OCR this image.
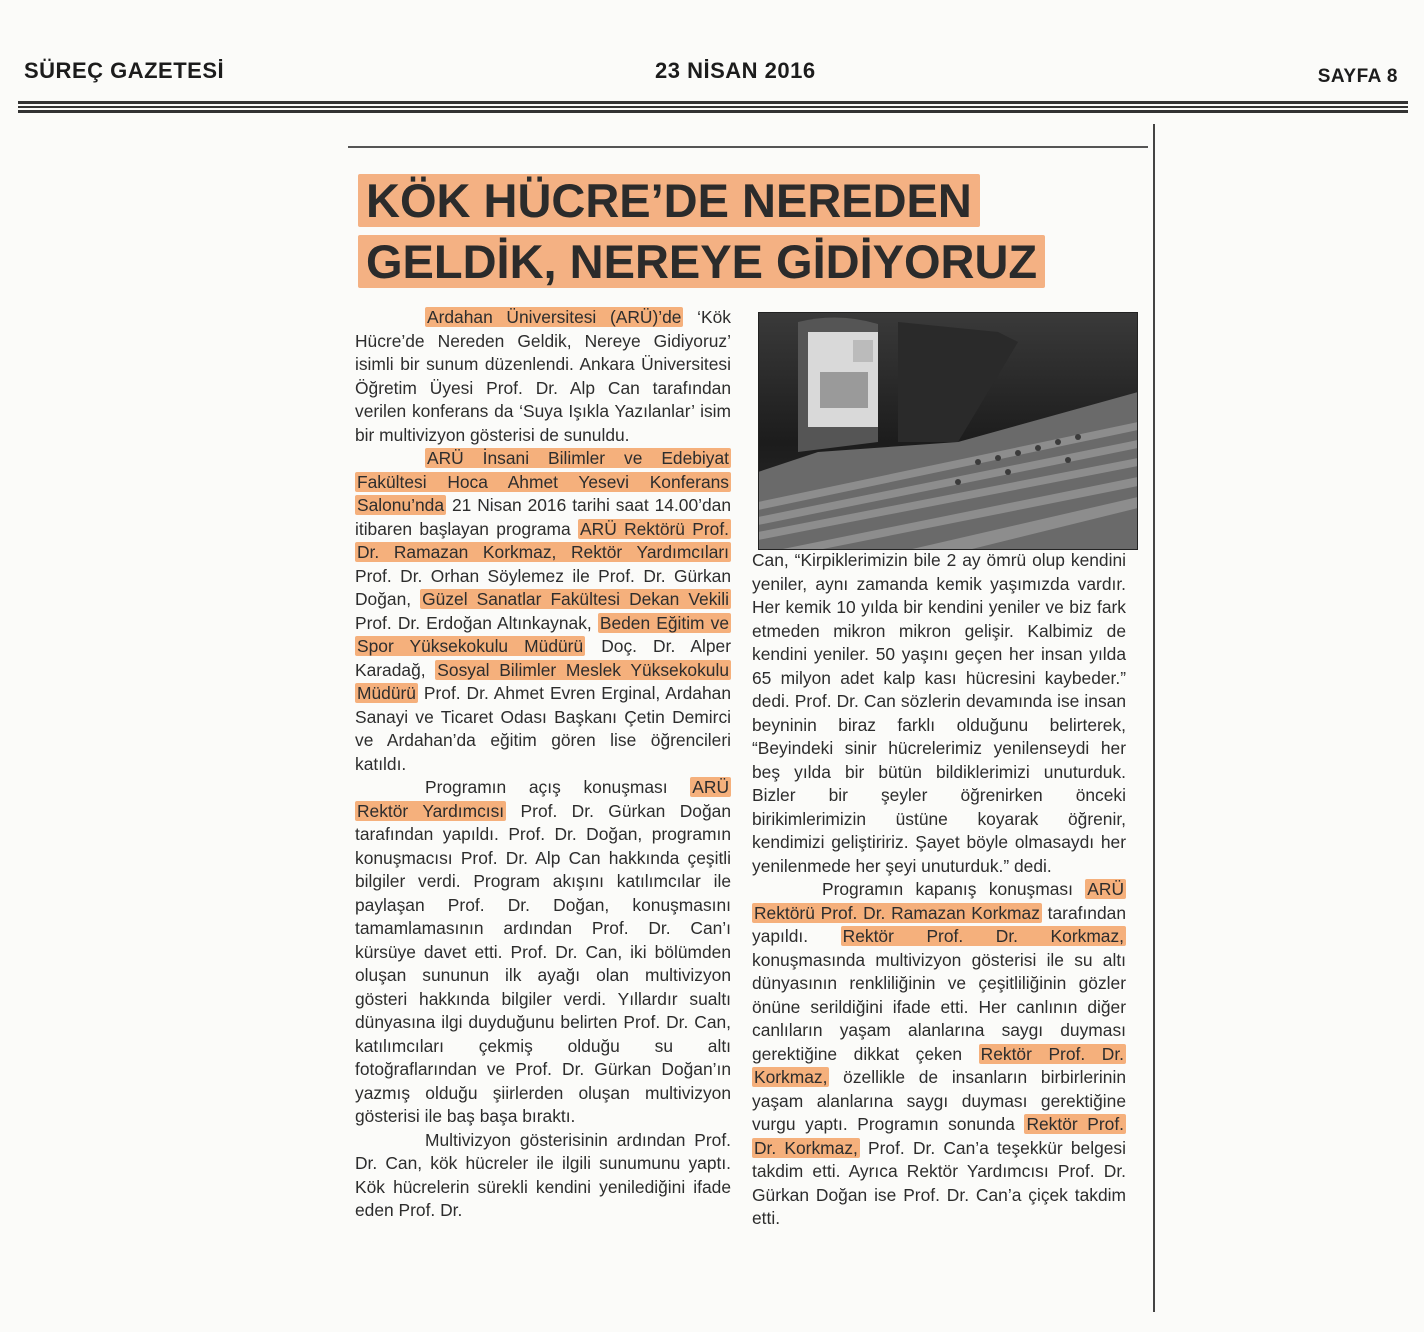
SÜREÇ GAZETESİ	23 NİSAN 2016	SAYFA 8
KÖK HÜCRE’DE NEREDEN
GELDİK, NEREYE GİDİYORUZ

Ardahan Üniversitesi (ARÜ)’de ‘Kök Hücre’de Nereden Geldik, Nereye Gidiyoruz’ isimli bir sunum düzenlendi. Ankara Üniversitesi Öğretim Üyesi Prof. Dr. Alp Can tarafından verilen konferans da ‘Suya Işıkla Yazılanlar’ isim bir multivizyon gösterisi de sunuldu.

ARÜ İnsani Bilimler ve Edebiyat Fakültesi Hoca Ahmet Yesevi Konferans Salonu’nda 21 Nisan 2016 tarihi saat 14.00’dan itibaren başlayan programa ARÜ Rektörü Prof. Dr. Ramazan Korkmaz, Rektör Yardımcıları Prof. Dr. Orhan Söylemez ile Prof. Dr. Gürkan Doğan, Güzel Sanatlar Fakültesi Dekan Vekili Prof. Dr. Erdoğan Altınkaynak, Beden Eğitim ve Spor Yüksekokulu Müdürü Doç. Dr. Alper Karadağ, Sosyal Bilimler Meslek Yüksekokulu Müdürü Prof. Dr. Ahmet Evren Erginal, Ardahan Sanayi ve Ticaret Odası Başkanı Çetin Demirci ve Ardahan’da eğitim gören lise öğrencileri katıldı.

Programın açış konuşması ARÜ Rektör Yardımcısı Prof. Dr. Gürkan Doğan tarafından yapıldı. Prof. Dr. Doğan, programın konuşmacısı Prof. Dr. Alp Can hakkında çeşitli bilgiler verdi. Program akışını katılımcılar ile paylaşan Prof. Dr. Doğan, konuşmasını tamamlamasının ardından Prof. Dr. Can’ı kürsüye davet etti. Prof. Dr. Can, iki bölümden oluşan sununun ilk ayağı olan multivizyon gösteri hakkında bilgiler verdi. Yıllardır sualtı dünyasına ilgi duyduğunu belirten Prof. Dr. Can, katılımcıları çekmiş olduğu su altı fotoğraflarından ve Prof. Dr. Gürkan Doğan’ın yazmış olduğu şiirlerden oluşan multivizyon gösterisi ile baş başa bıraktı.

Multivizyon gösterisinin ardından Prof. Dr. Can, kök hücreler ile ilgili sunumunu yaptı. Kök hücrelerin sürekli kendini yenilediğini ifade eden Prof. Dr.

Can, “Kirpiklerimizin bile 2 ay ömrü olup kendini yeniler, aynı zamanda kemik yaşımızda vardır. Her kemik 10 yılda bir kendini yeniler ve biz fark etmeden mikron mikron gelişir. Kalbimiz de kendini yeniler. 50 yaşını geçen her insan yılda 65 milyon adet kalp kası hücresini kaybeder.” dedi. Prof. Dr. Can sözlerin devamında ise insan beyninin biraz farklı olduğunu belirterek, “Beyindeki sinir hücrelerimiz yenilenseydi her beş yılda bir bütün bildiklerimizi unuturduk. Bizler bir şeyler öğrenirken önceki birikimlerimizin üstüne koyarak öğrenir, kendimizi geliştiririz. Şayet böyle olmasaydı her yenilenmede her şeyi unuturduk.” dedi.

Programın kapanış konuşması ARÜ Rektörü Prof. Dr. Ramazan Korkmaz tarafından yapıldı. Rektör Prof. Dr. Korkmaz, konuşmasında multivizyon gösterisi ile su altı dünyasının renkliliğinin ve çeşitliliğinin gözler önüne serildiğini ifade etti. Her canlının diğer canlıların yaşam alanlarına saygı duyması gerektiğine dikkat çeken Rektör Prof. Dr. Korkmaz, özellikle de insanların birbirlerinin yaşam alanlarına saygı duyması gerektiğine vurgu yaptı. Programın sonunda Rektör Prof. Dr. Korkmaz, Prof. Dr. Can’a teşekkür belgesi takdim etti. Ayrıca Rektör Yardımcısı Prof. Dr. Gürkan Doğan ise Prof. Dr. Can’a çiçek takdim etti.
